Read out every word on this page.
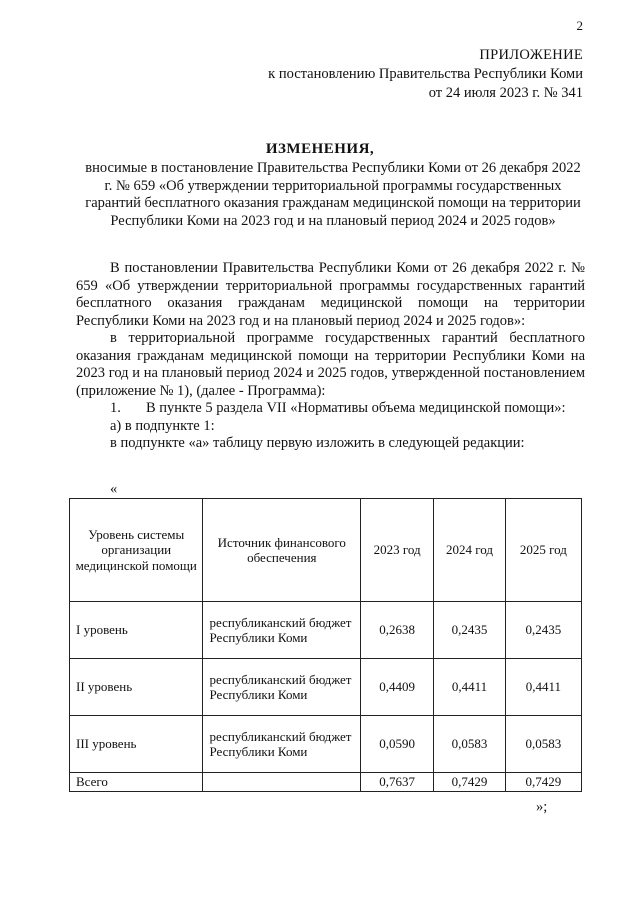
2
ПРИЛОЖЕНИЕ
к постановлению Правительства Республики Коми
от 24 июля 2023 г. № 341
ИЗМЕНЕНИЯ,
вносимые в постановление Правительства Республики Коми от 26 декабря 2022 г. № 659 «Об утверждении территориальной программы государственных гарантий бесплатного оказания гражданам медицинской помощи на территории Республики Коми на 2023 год и на плановый период 2024 и 2025 годов»

В постановлении Правительства Республики Коми от 26 декабря 2022 г. № 659 «Об утверждении территориальной программы государственных гарантий бесплатного оказания гражданам медицинской помощи на территории Республики Коми на 2023 год и на плановый период 2024 и 2025 годов»:

в территориальной программе государственных гарантий бесплатного оказания гражданам медицинской помощи на территории Республики Коми на 2023 год и на плановый период 2024 и 2025 годов, утвержденной постановлением (приложение № 1), (далее - Программа):

1. В пункте 5 раздела VII «Нормативы объема медицинской помощи»:

а) в подпункте 1:

в подпункте «а» таблицу первую изложить в следующей редакции:

«
Уровень системы организации медицинской помощи	Источник финансового обеспечения	2023 год	2024 год	2025 год
I уровень	республиканский бюджет Республики Коми	0,2638	0,2435	0,2435
II уровень	республиканский бюджет Республики Коми	0,4409	0,4411	0,4411
III уровень	республиканский бюджет Республики Коми	0,0590	0,0583	0,0583
Всего		0,7637	0,7429	0,7429
»;
